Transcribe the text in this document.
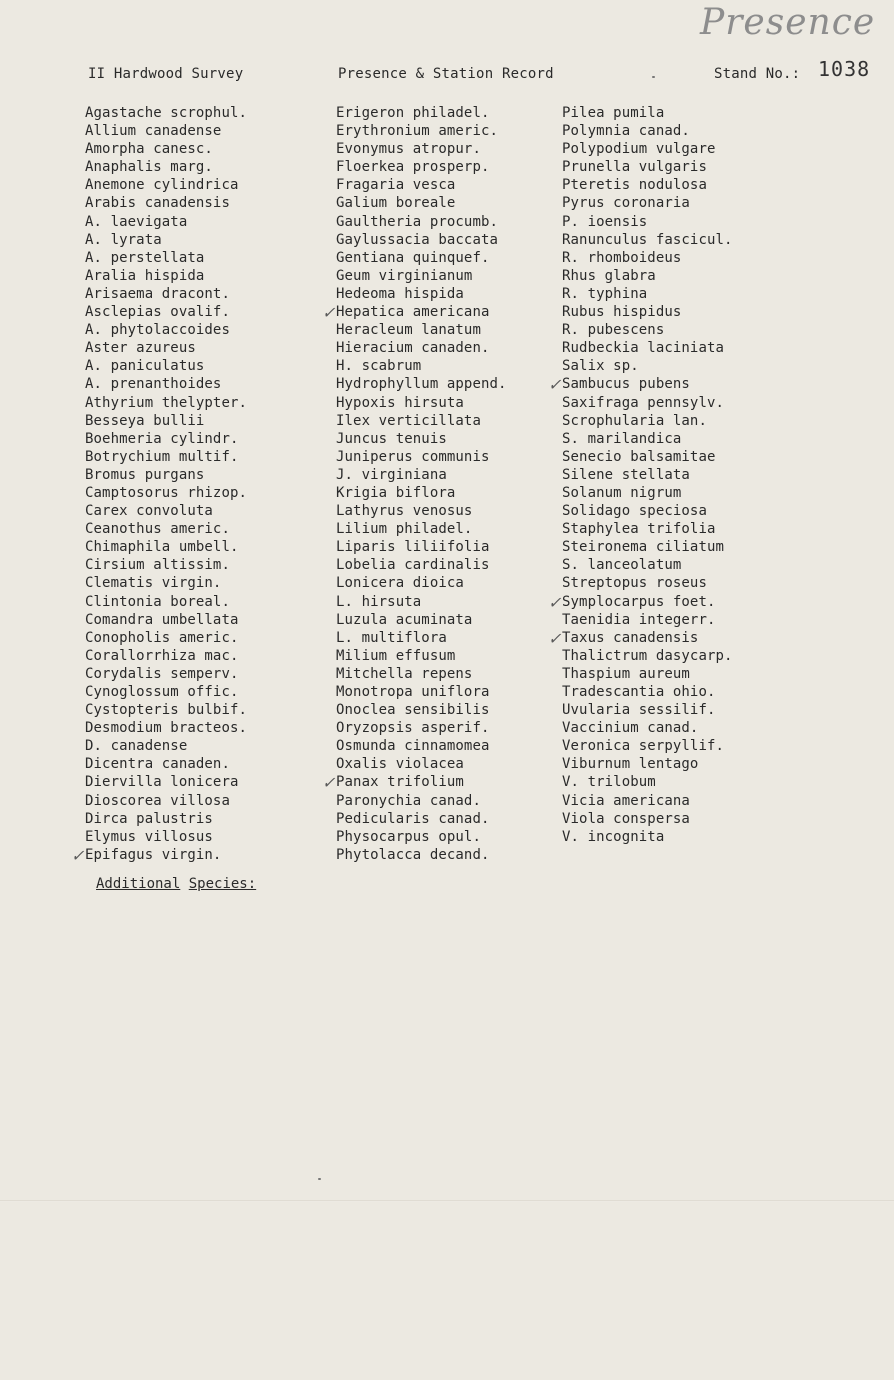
Presence
II Hardwood Survey	Presence & Station Record	Stand No.: 1038
Agastache scrophul.
Allium canadense
Amorpha canesc.
Anaphalis marg.
Anemone cylindrica
Arabis canadensis
A. laevigata
A. lyrata
A. perstellata
Aralia hispida
Arisaema dracont.
Asclepias ovalif.
A. phytolaccoides
Aster azureus
A. paniculatus
A. prenanthoides
Athyrium thelypter.
Besseya bullii
Boehmeria cylindr.
Botrychium multif.
Bromus purgans
Camptosorus rhizop.
Carex convoluta
Ceanothus americ.
Chimaphila umbell.
Cirsium altissim.
Clematis virgin.
Clintonia boreal.
Comandra umbellata
Conopholis americ.
Corallorrhiza mac.
Corydalis semperv.
Cynoglossum offic.
Cystopteris bulbif.
Desmodium bracteos.
D. canadense
Dicentra canaden.
Diervilla lonicera
Dioscorea villosa
Dirca palustris
Elymus villosus
Epifagus virgin.
✓
Erigeron philadel.
Erythronium americ.
Evonymus atropur.
Floerkea prosperp.
Fragaria vesca
Galium boreale
Gaultheria procumb.
Gaylussacia baccata
Gentiana quinquef.
Geum virginianum
Hedeoma hispida
Hepatica americana
✓
Heracleum lanatum
Hieracium canaden.
H. scabrum
Hydrophyllum append.
Hypoxis hirsuta
Ilex verticillata
Juncus tenuis
Juniperus communis
J. virginiana
Krigia biflora
Lathyrus venosus
Lilium philadel.
Liparis liliifolia
Lobelia cardinalis
Lonicera dioica
L. hirsuta
Luzula acuminata
L. multiflora
Milium effusum
Mitchella repens
Monotropa uniflora
Onoclea sensibilis
Oryzopsis asperif.
Osmunda cinnamomea
Oxalis violacea
Panax trifolium
✓
Paronychia canad.
Pedicularis canad.
Physocarpus opul.
Phytolacca decand.
Pilea pumila
Polymnia canad.
Polypodium vulgare
Prunella vulgaris
Pteretis nodulosa
Pyrus coronaria
P. ioensis
Ranunculus fascicul.
R. rhomboideus
Rhus glabra
R. typhina
Rubus hispidus
R. pubescens
Rudbeckia laciniata
Salix sp.
Sambucus pubens
✓
Saxifraga pennsylv.
Scrophularia lan.
S. marilandica
Senecio balsamitae
Silene stellata
Solanum nigrum
Solidago speciosa
Staphylea trifolia
Steironema ciliatum
S. lanceolatum
Streptopus roseus
Symplocarpus foet.
✓
Taenidia integerr.
Taxus canadensis
✓
Thalictrum dasycarp.
Thaspium aureum
Tradescantia ohio.
Uvularia sessilif.
Vaccinium canad.
Veronica serpyllif.
Viburnum lentago
V. trilobum
Vicia americana
Viola conspersa
V. incognita
Additional Species:
